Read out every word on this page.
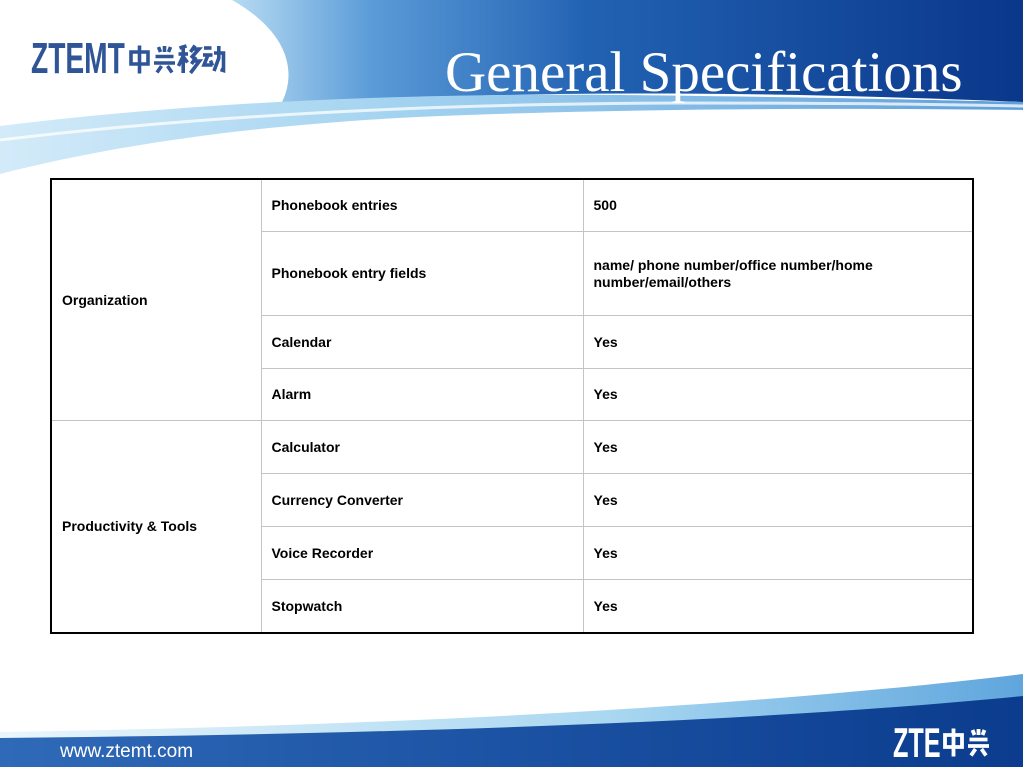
ZTEMT	General Specifications
Organization	Phonebook entries	500
	Phonebook entry fields	name/ phone number/office number/home number/email/others
	Calendar	Yes
	Alarm	Yes
Productivity & Tools	Calculator	Yes
	Currency Converter	Yes
	Voice Recorder	Yes
	Stopwatch	Yes
www.ztemt.com	ZTE
